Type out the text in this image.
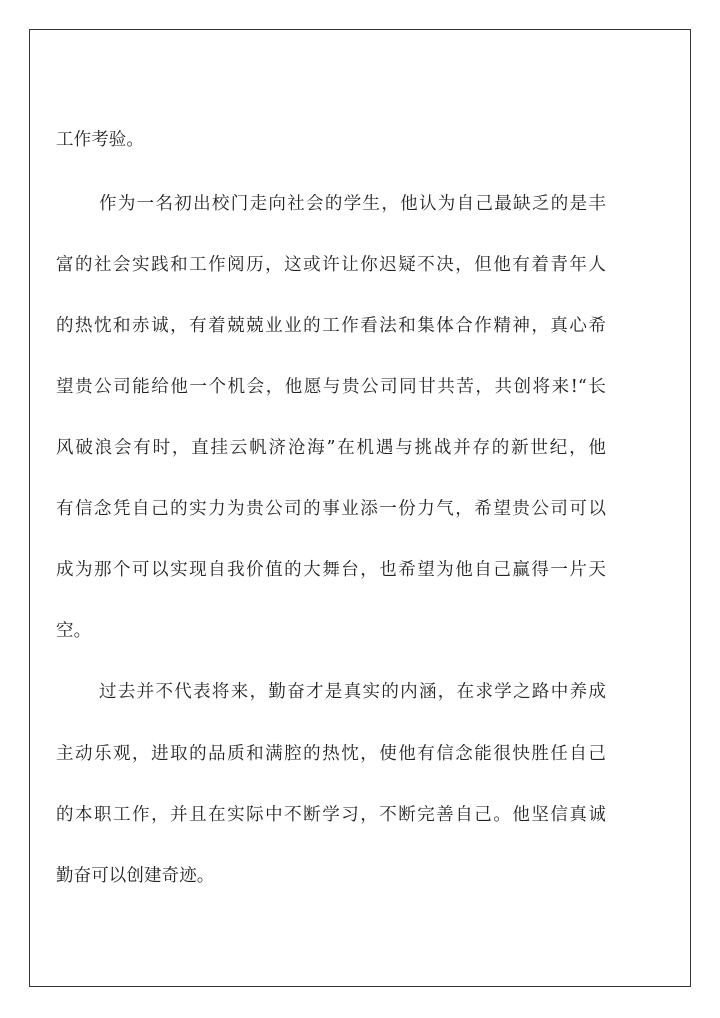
工作考验。
作为一名初出校门走向社会的学生，他认为自己最缺乏的是丰
富的社会实践和工作阅历，这或许让你迟疑不决，但他有着青年人
的热忱和赤诚，有着兢兢业业的工作看法和集体合作精神，真心希
望贵公司能给他一个机会，他愿与贵公司同甘共苦，共创将来!“长
风破浪会有时，直挂云帆济沧海”在机遇与挑战并存的新世纪，他
有信念凭自己的实力为贵公司的事业添一份力气，希望贵公司可以
成为那个可以实现自我价值的大舞台，也希望为他自己赢得一片天
空。
过去并不代表将来，勤奋才是真实的内涵，在求学之路中养成
主动乐观，进取的品质和满腔的热忱，使他有信念能很快胜任自己
的本职工作，并且在实际中不断学习，不断完善自己。他坚信真诚
勤奋可以创建奇迹。
